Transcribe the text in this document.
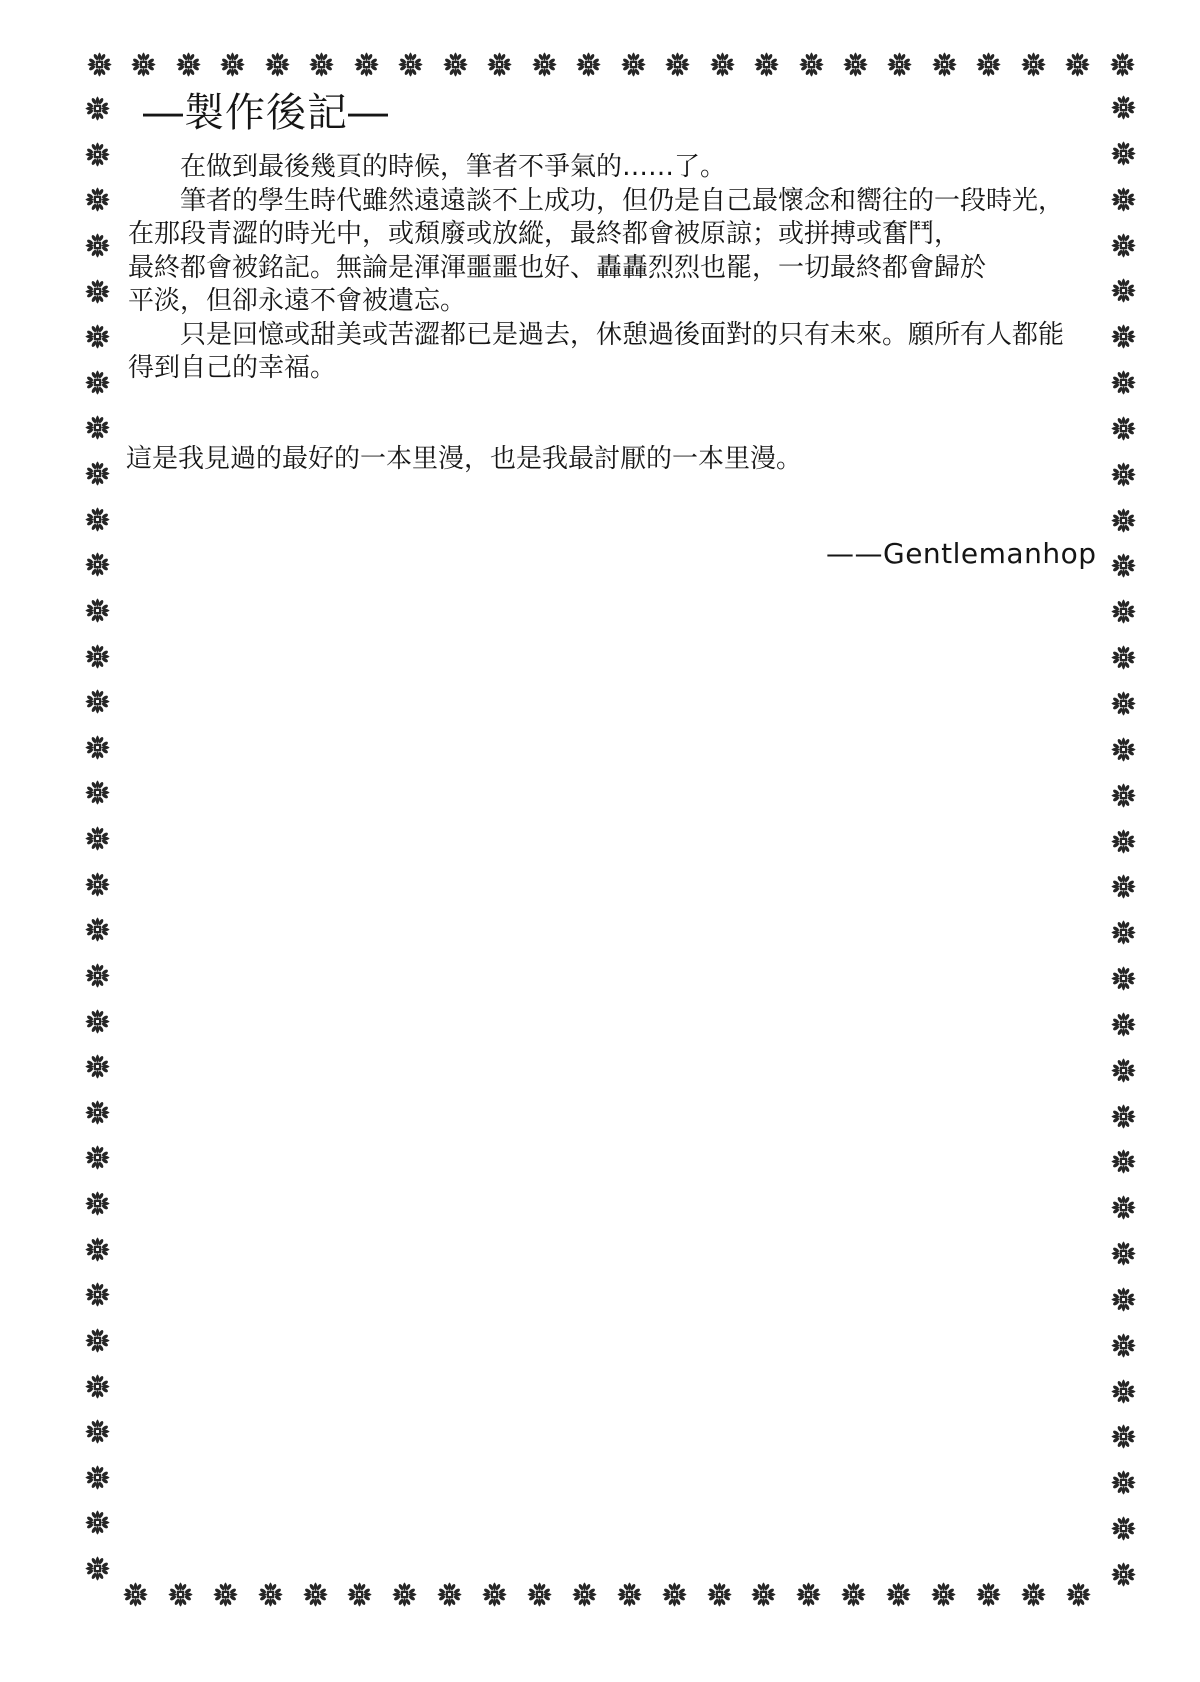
―製作後記―
在做到最後幾頁的時候，筆者不爭氣的……了。
筆者的學生時代雖然遠遠談不上成功，但仍是自己最懷念和嚮往的一段時光，
在那段青澀的時光中，或頹廢或放縱，最終都會被原諒；或拼搏或奮鬥，
最終都會被銘記。無論是渾渾噩噩也好、轟轟烈烈也罷，一切最終都會歸於
平淡，但卻永遠不會被遺忘。
只是回憶或甜美或苦澀都已是過去，休憩過後面對的只有未來。願所有人都能
得到自己的幸福。
這是我見過的最好的一本里漫，也是我最討厭的一本里漫。
——Gentlemanhop
